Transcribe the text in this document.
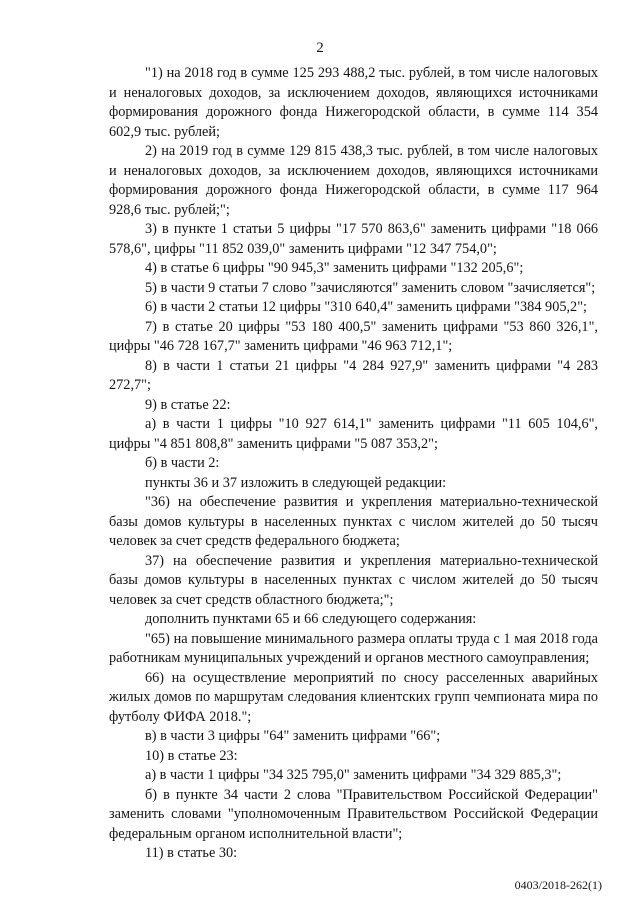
2

"1) на 2018 год в сумме 125 293 488,2 тыс. рублей, в том числе налоговых и неналоговых доходов, за исключением доходов, являющихся источниками формирования дорожного фонда Нижегородской области, в сумме 114 354 602,9 тыс. рублей;

2) на 2019 год в сумме 129 815 438,3 тыс. рублей, в том числе налоговых и неналоговых доходов, за исключением доходов, являющихся источниками формирования дорожного фонда Нижегородской области, в сумме 117 964 928,6 тыс. рублей;";

3) в пункте 1 статьи 5 цифры "17 570 863,6" заменить цифрами "18 066 578,6", цифры "11 852 039,0" заменить цифрами "12 347 754,0";

4) в статье 6 цифры "90 945,3" заменить цифрами "132 205,6";

5) в части 9 статьи 7 слово "зачисляются" заменить словом "зачисляется";

6) в части 2 статьи 12 цифры "310 640,4" заменить цифрами "384 905,2";

7) в статье 20 цифры "53 180 400,5" заменить цифрами "53 860 326,1", цифры "46 728 167,7" заменить цифрами "46 963 712,1";

8) в части 1 статьи 21 цифры "4 284 927,9" заменить цифрами "4 283 272,7";

9) в статье 22:

а) в части 1 цифры "10 927 614,1" заменить цифрами "11 605 104,6", цифры "4 851 808,8" заменить цифрами "5 087 353,2";

б) в части 2:

пункты 36 и 37 изложить в следующей редакции:

"36) на обеспечение развития и укрепления материально-технической базы домов культуры в населенных пунктах с числом жителей до 50 тысяч человек за счет средств федерального бюджета;

37) на обеспечение развития и укрепления материально-технической базы домов культуры в населенных пунктах с числом жителей до 50 тысяч человек за счет средств областного бюджета;";

дополнить пунктами 65 и 66 следующего содержания:

"65) на повышение минимального размера оплаты труда с 1 мая 2018 года работникам муниципальных учреждений и органов местного самоуправления;

66) на осуществление мероприятий по сносу расселенных аварийных жилых домов по маршрутам следования клиентских групп чемпионата мира по футболу ФИФА 2018.";

в) в части 3 цифры "64" заменить цифрами "66";

10) в статье 23:

а) в части 1 цифры "34 325 795,0" заменить цифрами "34 329 885,3";

б) в пункте 34 части 2 слова "Правительством Российской Федерации" заменить словами "уполномоченным Правительством Российской Федерации федеральным органом исполнительной власти";

11) в статье 30:

0403/2018-262(1)
